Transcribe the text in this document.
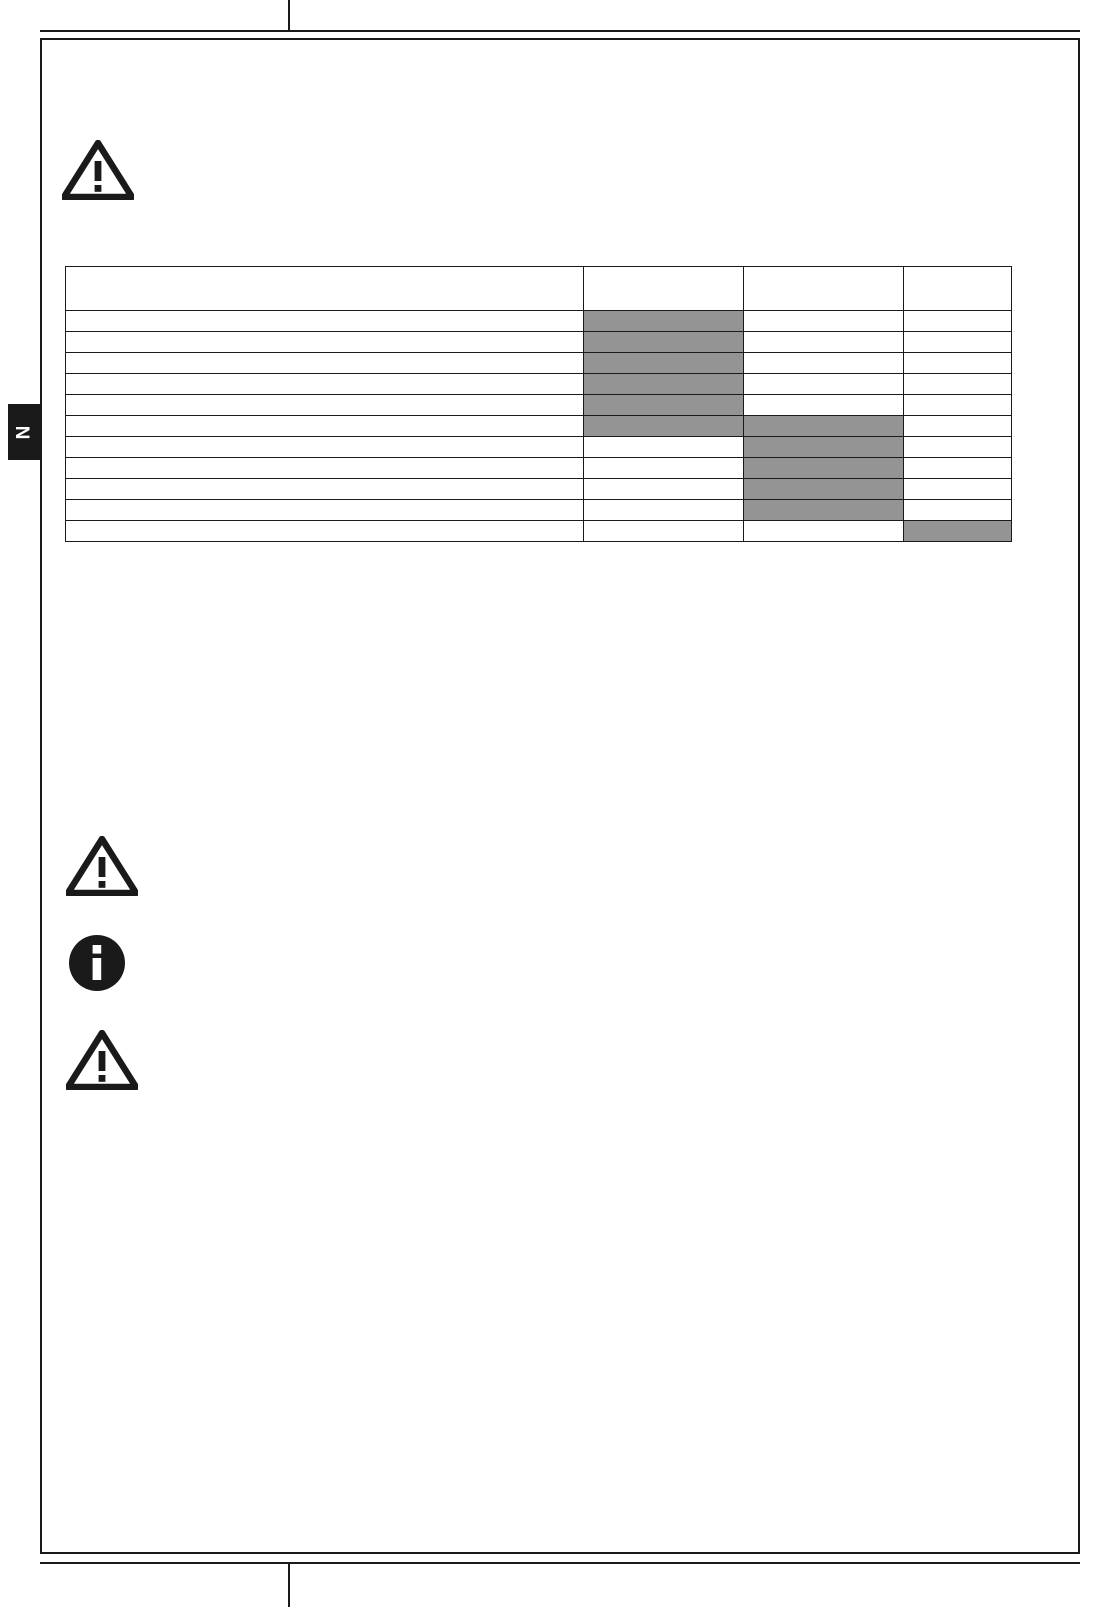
N
